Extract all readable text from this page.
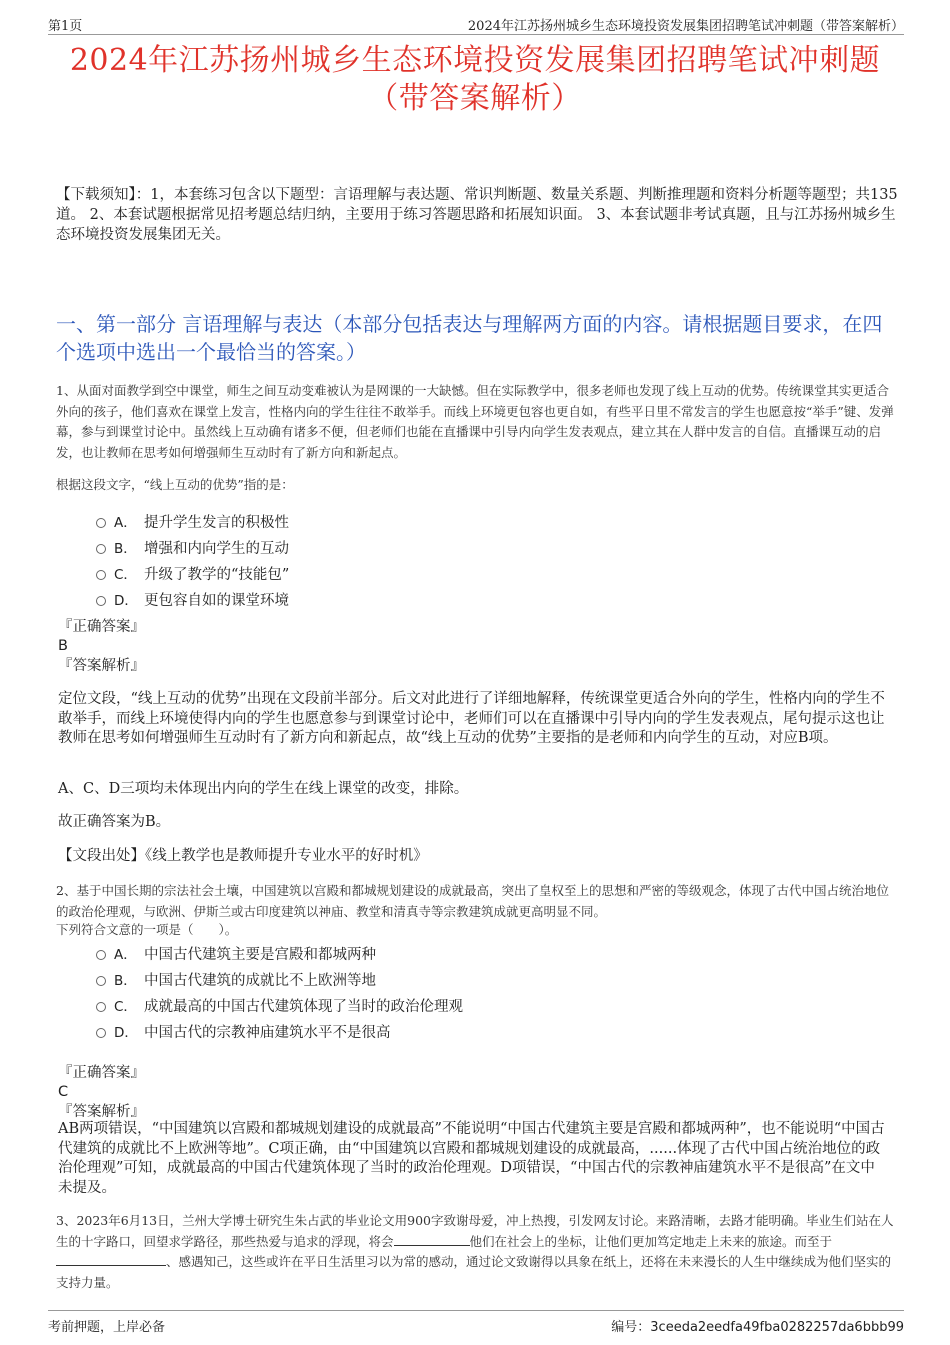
第1页	2024年江苏扬州城乡生态环境投资发展集团招聘笔试冲刺题（带答案解析）
2024年江苏扬州城乡生态环境投资发展集团招聘笔试冲刺题
（带答案解析）
【下载须知】：1，本套练习包含以下题型：言语理解与表达题、常识判断题、数量关系题、判断推理题和资料分析题等题型；共135道。 2、本套试题根据常见招考题总结归纳，主要用于练习答题思路和拓展知识面。 3、本套试题非考试真题，且与江苏扬州城乡生态环境投资发展集团无关。
一、第一部分 言语理解与表达（本部分包括表达与理解两方面的内容。请根据题目要求，在四个选项中选出一个最恰当的答案。）
1、从面对面教学到空中课堂，师生之间互动变难被认为是网课的一大缺憾。但在实际教学中，很多老师也发现了线上互动的优势。传统课堂其实更适合外向的孩子，他们喜欢在课堂上发言，性格内向的学生往往不敢举手。而线上环境更包容也更自如，有些平日里不常发言的学生也愿意按“举手”键、发弹幕，参与到课堂讨论中。虽然线上互动确有诸多不便，但老师们也能在直播课中引导内向学生发表观点，建立其在人群中发言的自信。直播课互动的启发，也让教师在思考如何增强师生互动时有了新方向和新起点。
根据这段文字，“线上互动的优势”指的是：
A． 提升学生发言的积极性
B． 增强和内向学生的互动
C． 升级了教学的“技能包”
D． 更包容自如的课堂环境
『正确答案』
B
『答案解析』
定位文段，“线上互动的优势”出现在文段前半部分。后文对此进行了详细地解释，传统课堂更适合外向的学生，性格内向的学生不敢举手，而线上环境使得内向的学生也愿意参与到课堂讨论中，老师们可以在直播课中引导内向的学生发表观点，尾句提示这也让教师在思考如何增强师生互动时有了新方向和新起点，故“线上互动的优势”主要指的是老师和内向学生的互动，对应B项。
A、C、D三项均未体现出内向的学生在线上课堂的改变，排除。
故正确答案为B。
【文段出处】《线上教学也是教师提升专业水平的好时机》
2、基于中国长期的宗法社会土壤，中国建筑以宫殿和都城规划建设的成就最高，突出了皇权至上的思想和严密的等级观念，体现了古代中国占统治地位的政治伦理观，与欧洲、伊斯兰或古印度建筑以神庙、教堂和清真寺等宗教建筑成就更高明显不同。
下列符合文意的一项是（　　）。
A． 中国古代建筑主要是宫殿和都城两种
B． 中国古代建筑的成就比不上欧洲等地
C． 成就最高的中国古代建筑体现了当时的政治伦理观
D． 中国古代的宗教神庙建筑水平不是很高
『正确答案』
C
『答案解析』
AB两项错误，“中国建筑以宫殿和都城规划建设的成就最高”不能说明“中国古代建筑主要是宫殿和都城两种”，也不能说明“中国古代建筑的成就比不上欧洲等地”。C项正确，由“中国建筑以宫殿和都城规划建设的成就最高，......体现了古代中国占统治地位的政治伦理观”可知，成就最高的中国古代建筑体现了当时的政治伦理观。D项错误，“中国古代的宗教神庙建筑水平不是很高”在文中未提及。
3、2023年6月13日，兰州大学博士研究生朱占武的毕业论文用900字致谢母爱，冲上热搜，引发网友讨论。来路清晰，去路才能明确。毕业生们站在人生的十字路口，回望求学路径，那些热爱与追求的浮现，将会	他们在社会上的坐标，让他们更加笃定地走上未来的旅途。而至于、感遇知己，这些或许在平日生活里习以为常的感动，通过论文致谢得以具象在纸上，还将在未来漫长的人生中继续成为他们坚实的支持力量。
考前押题，上岸必备	编号：3ceeda2eedfa49fba0282257da6bbb99
